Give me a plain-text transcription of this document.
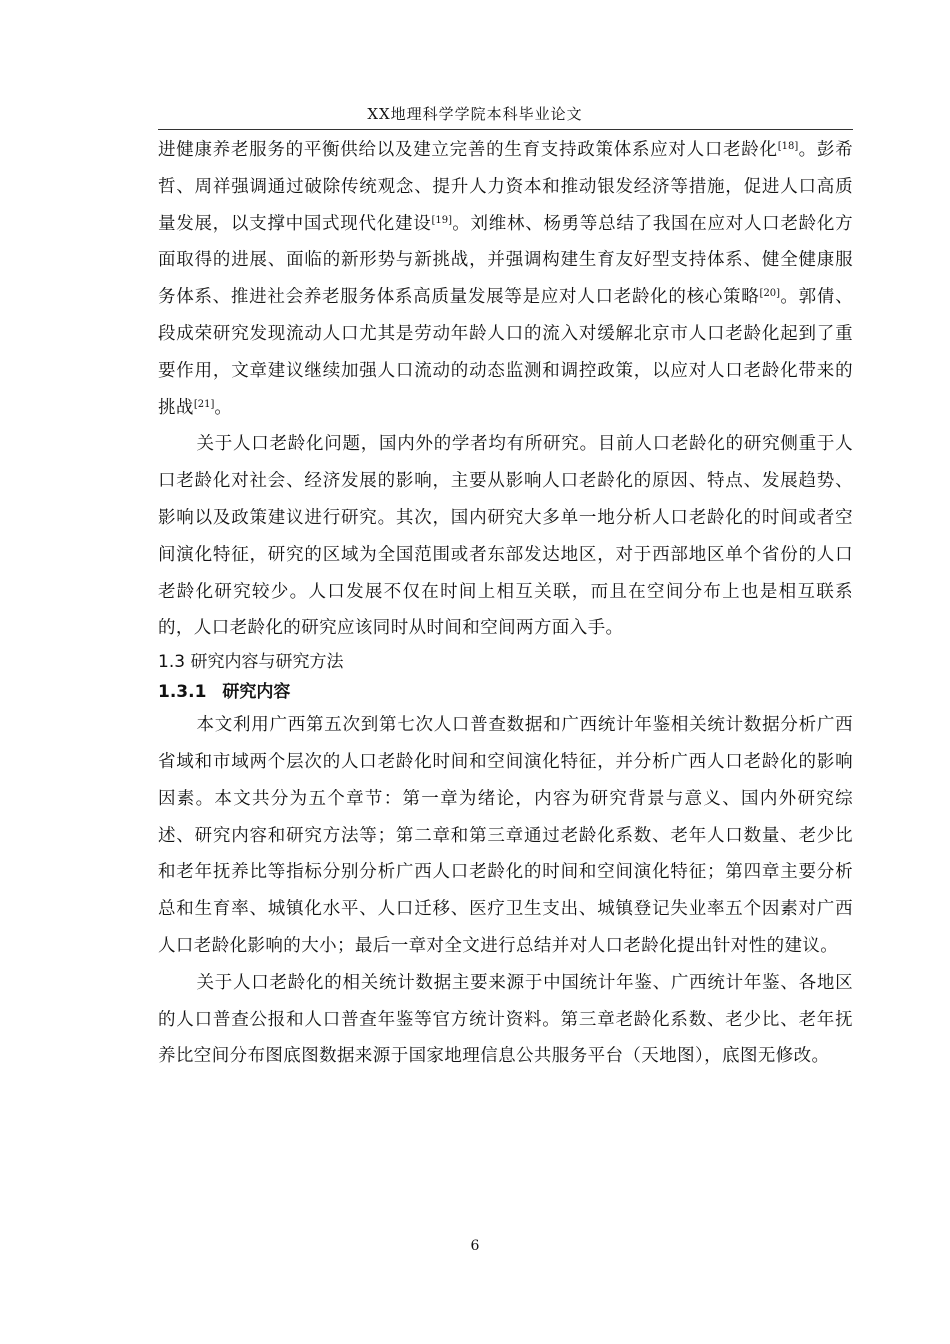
XX地理科学学院本科毕业论文

进健康养老服务的平衡供给以及建立完善的生育支持政策体系应对人口老龄化[18]。彭希哲、周祥强调通过破除传统观念、提升人力资本和推动银发经济等措施，促进人口高质量发展，以支撑中国式现代化建设[19]。刘维林、杨勇等总结了我国在应对人口老龄化方面取得的进展、面临的新形势与新挑战，并强调构建生育友好型支持体系、健全健康服务体系、推进社会养老服务体系高质量发展等是应对人口老龄化的核心策略[20]。郭倩、段成荣研究发现流动人口尤其是劳动年龄人口的流入对缓解北京市人口老龄化起到了重要作用，文章建议继续加强人口流动的动态监测和调控政策，以应对人口老龄化带来的挑战[21]。

关于人口老龄化问题，国内外的学者均有所研究。目前人口老龄化的研究侧重于人口老龄化对社会、经济发展的影响，主要从影响人口老龄化的原因、特点、发展趋势、影响以及政策建议进行研究。其次，国内研究大多单一地分析人口老龄化的时间或者空间演化特征，研究的区域为全国范围或者东部发达地区，对于西部地区单个省份的人口老龄化研究较少。人口发展不仅在时间上相互关联，而且在空间分布上也是相互联系的，人口老龄化的研究应该同时从时间和空间两方面入手。

1.3 研究内容与研究方法
1.3.1 研究内容

本文利用广西第五次到第七次人口普查数据和广西统计年鉴相关统计数据分析广西省域和市域两个层次的人口老龄化时间和空间演化特征，并分析广西人口老龄化的影响因素。本文共分为五个章节：第一章为绪论，内容为研究背景与意义、国内外研究综述、研究内容和研究方法等；第二章和第三章通过老龄化系数、老年人口数量、老少比和老年抚养比等指标分别分析广西人口老龄化的时间和空间演化特征；第四章主要分析总和生育率、城镇化水平、人口迁移、医疗卫生支出、城镇登记失业率五个因素对广西人口老龄化影响的大小；最后一章对全文进行总结并对人口老龄化提出针对性的建议。

关于人口老龄化的相关统计数据主要来源于中国统计年鉴、广西统计年鉴、各地区的人口普查公报和人口普查年鉴等官方统计资料。第三章老龄化系数、老少比、老年抚养比空间分布图底图数据来源于国家地理信息公共服务平台（天地图），底图无修改。

6
